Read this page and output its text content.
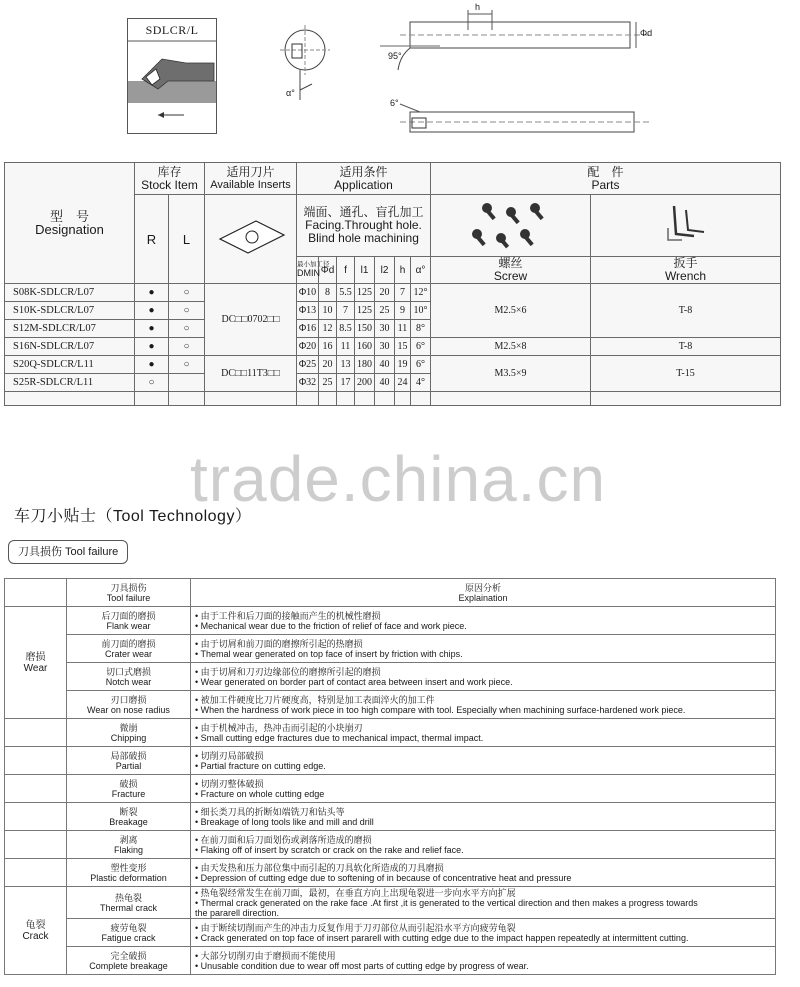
SDLCR/L
h
Φd
95°
α°
6°
型　号
Designation	库存
Stock Item		适用刀片
Available Inserts	适用条件
Application							配　件
Parts	

	R	L		端面、通孔、盲孔加工
Facing.Throught hole.
Blind hole machining

				最小加工径
DMIN	Φd	f	l1	l2	h	α°	螺丝
Screw	扳手
Wrench

S08K-SDLCR/L07	●	○	DC□□0702□□	Φ10	8	5.5	125	20	7	12°	M2.5×6	T-8
S10K-SDLCR/L07	●	○		Φ13	10	7	125	25	9	10°		
S12M-SDLCR/L07	●	○		Φ16	12	8.5	150	30	11	8°		
S16N-SDLCR/L07	●	○		Φ20	16	11	160	30	15	6°	M2.5×8	T-8
S20Q-SDLCR/L11	●	○	DC□□11T3□□	Φ25	20	13	180	40	19	6°	M3.5×9	T-15
S25R-SDLCR/L11	○			Φ32	25	17	200	40	24	4°		

trade.china.cn
车刀小贴士（Tool Technology）
刀具损伤 Tool failure

	刀具损伤
Tool failure	原因分析
Explaination

磨损
Wear	后刀面的磨损
Flank wear	• 由于工件和后刀面的接触而产生的机械性磨损
• Mechanical wear due to the friction of relief of face and work piece.

	前刀面的磨损
Crater wear	• 由于切屑和前刀面的磨擦所引起的热磨损
• Themal wear generated on top face of insert by friction with chips.

	切口式磨损
Notch wear	• 由于切屑和刀刃边缘部位的磨擦所引起的磨损
• Wear generated on border part of contact area between insert and work piece.

	刃口磨损
Wear on nose radius	• 被加工件硬度比刀片硬度高，特别是加工表面淬火的加工件
• When the hardness of work piece in too high compare with tool. Especially when machining surface-hardened work piece.

	微崩
Chipping	• 由于机械冲击，热冲击而引起的小块崩刃
• Small cutting edge fractures due to mechanical impact, thermal impact.

	局部破损
Partial	• 切削刃局部破损
• Partial fracture on cutting edge.

	破损
Fracture	• 切削刃整体破损
• Fracture on whole cutting edge

	断裂
Breakage	• 细长类刀具的折断如端铣刀和钻头等
• Breakage of long tools like and mill and drill

	剥离
Flaking	• 在前刀面和后刀面划伤或剥落所造成的磨损
• Flaking off of insert by scratch or crack on the rake and relief face.

	塑性变形
Plastic deformation	• 由天发热和压力部位集中而引起的刀具软化所造成的刀具磨损
• Depression of cutting edge due to softening of in because of concentrative heat and pressure

龟裂
Crack	热龟裂
Thermal crack	• 热龟裂经常发生在前刀面，最初，在垂直方向上出现龟裂进一步向水平方向扩展
• Thermal crack generated on the rake face .At first ,it is generated to the vertical direction and then makes a progress towards
the pararell direction.

	疲劳龟裂
Fatigue crack	• 由于断续切削而产生的冲击力反复作用于刀刃部位从而引起沿水平方向疲劳龟裂
• Crack generated on top face of insert pararell with cutting edge due to the impact happen repeatedly at intermittent cutting.

	完全破损
Complete breakage	• 大部分切削刃由于磨损而不能使用
• Unusable condition due to wear off most parts of cutting edge by progress of wear.
